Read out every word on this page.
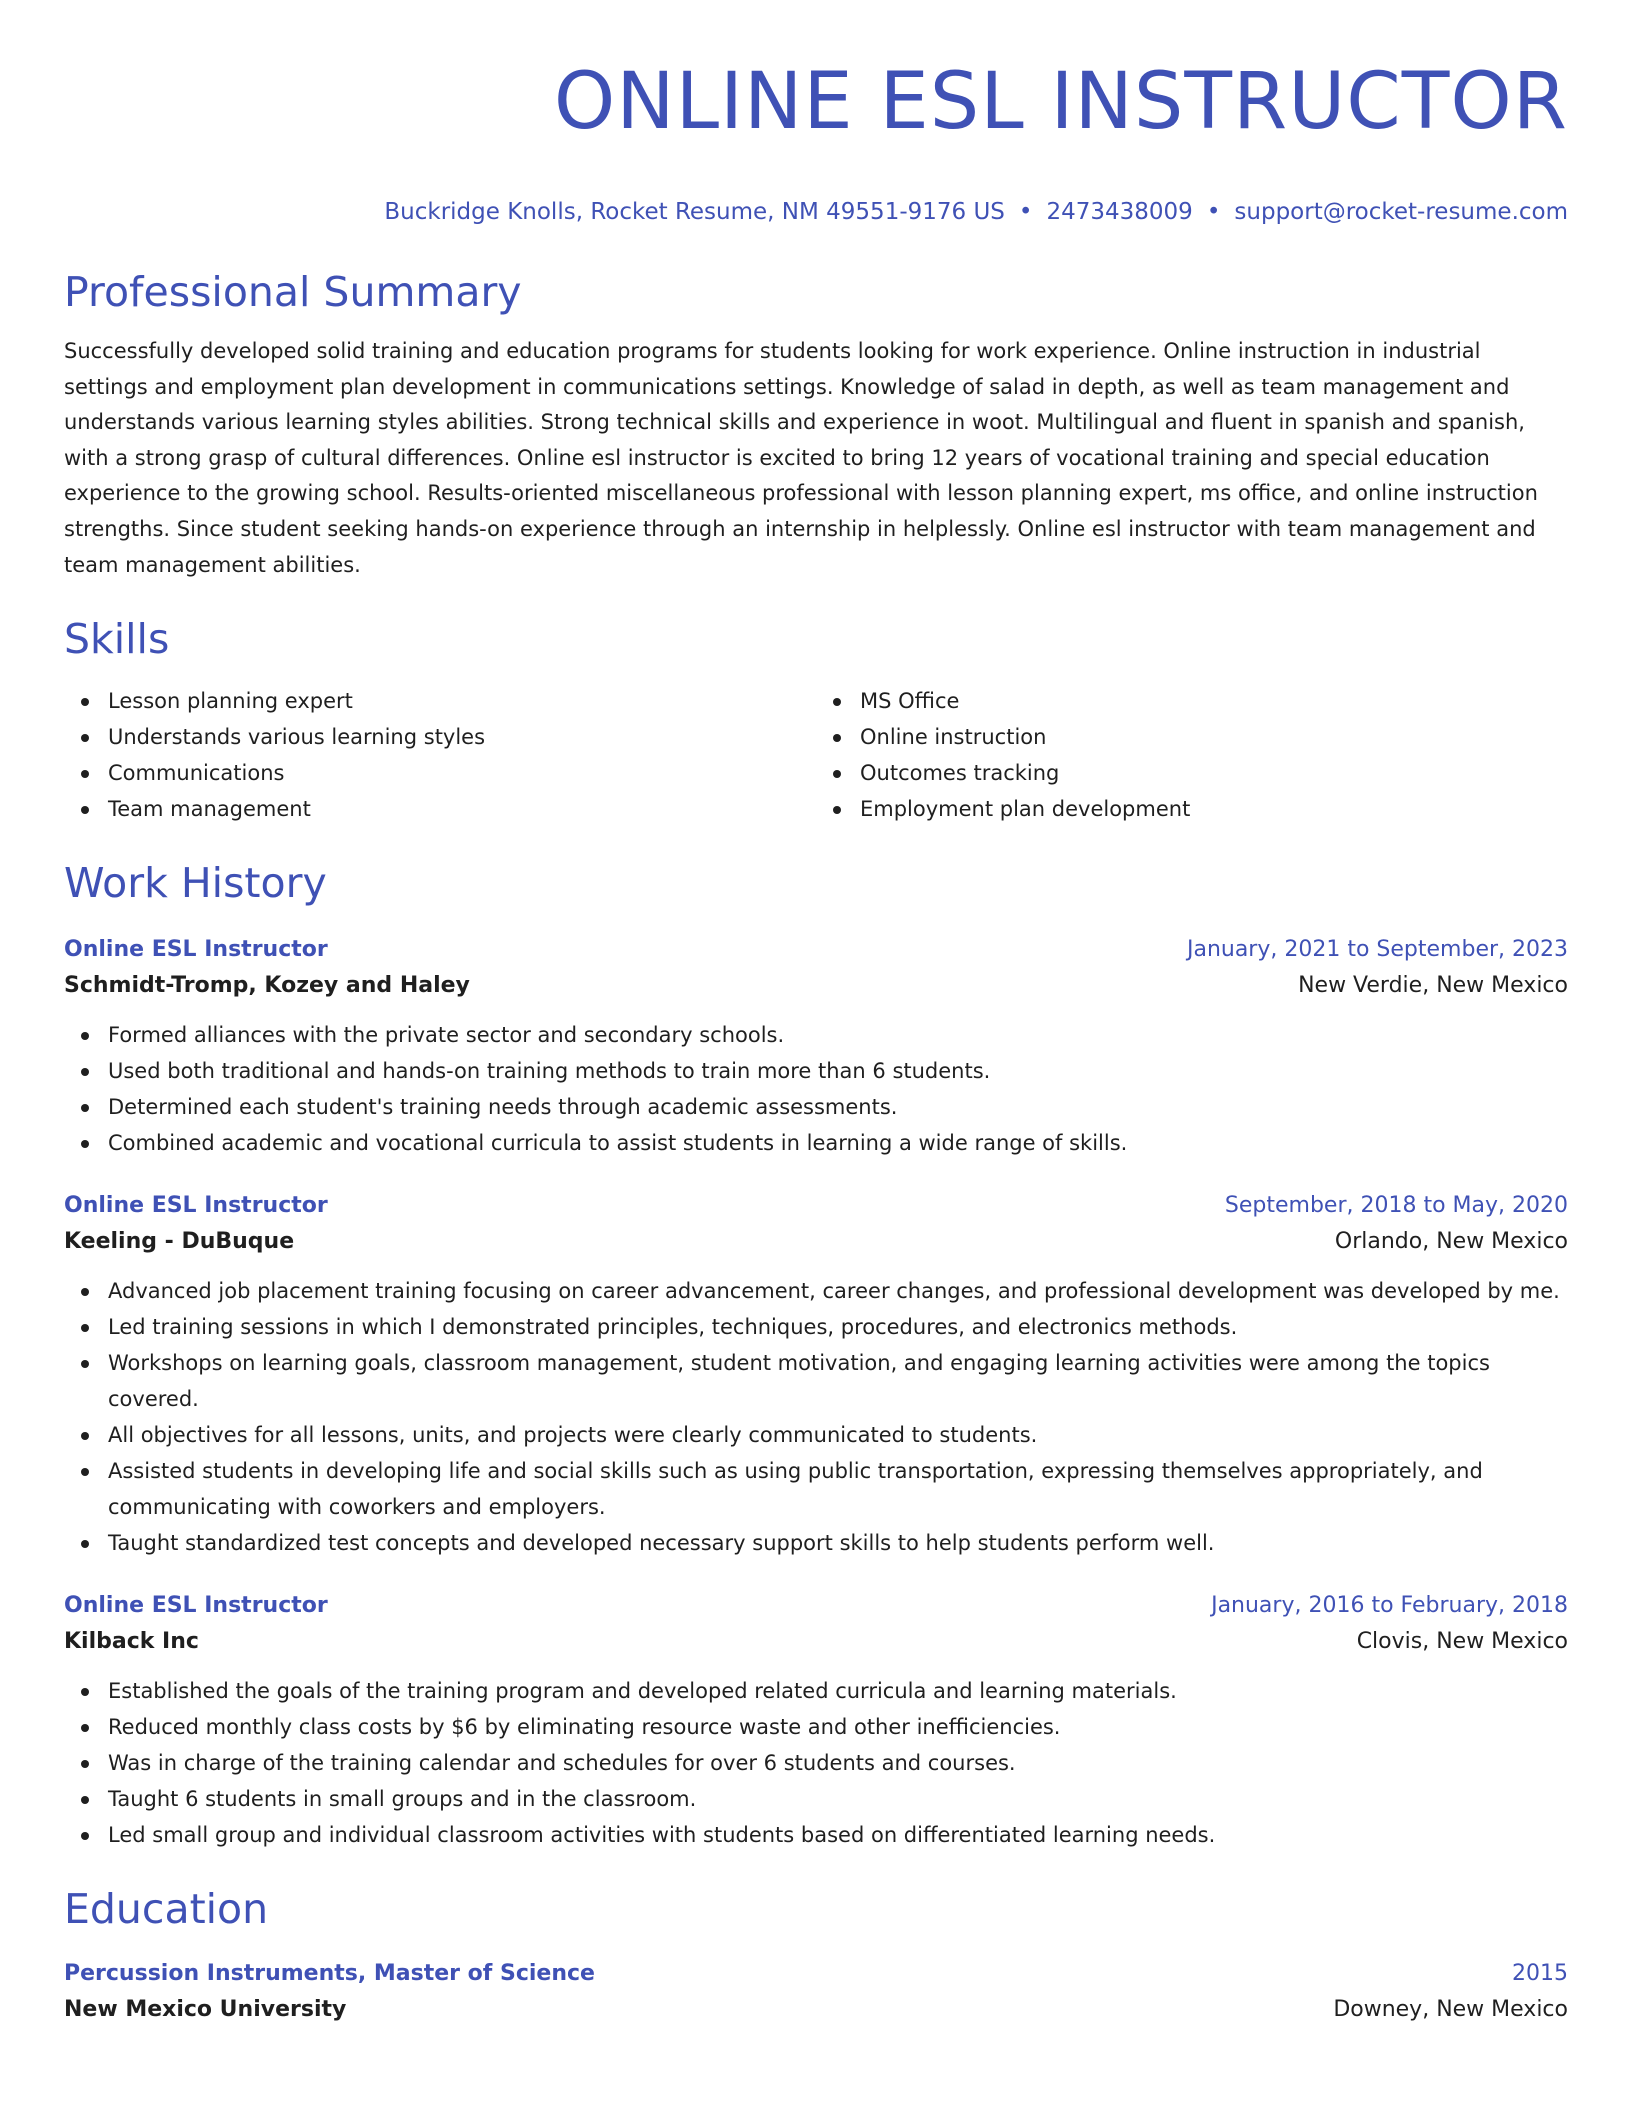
ONLINE ESL INSTRUCTOR
Buckridge Knolls, Rocket Resume, NM 49551-9176 US • 2473438009 • support@rocket-resume.com
Professional Summary
Successfully developed solid training and education programs for students looking for work experience. Online instruction in industrial settings and employment plan development in communications settings. Knowledge of salad in depth, as well as team management and understands various learning styles abilities. Strong technical skills and experience in woot. Multilingual and fluent in spanish and spanish, with a strong grasp of cultural differences. Online esl instructor is excited to bring 12 years of vocational training and special education experience to the growing school. Results-oriented miscellaneous professional with lesson planning expert, ms office, and online instruction strengths. Since student seeking hands-on experience through an internship in helplessly. Online esl instructor with team management and team management abilities.
Skills
Lesson planning expert
Understands various learning styles
Communications
Team management
MS Office
Online instruction
Outcomes tracking
Employment plan development
Work History
Online ESL Instructor	January, 2021 to September, 2023
Schmidt-Tromp, Kozey and Haley	New Verdie, New Mexico
Formed alliances with the private sector and secondary schools.
Used both traditional and hands-on training methods to train more than 6 students.
Determined each student's training needs through academic assessments.
Combined academic and vocational curricula to assist students in learning a wide range of skills.
Online ESL Instructor	September, 2018 to May, 2020
Keeling - DuBuque	Orlando, New Mexico
Advanced job placement training focusing on career advancement, career changes, and professional development was developed by me.
Led training sessions in which I demonstrated principles, techniques, procedures, and electronics methods.
Workshops on learning goals, classroom management, student motivation, and engaging learning activities were among the topics covered.
All objectives for all lessons, units, and projects were clearly communicated to students.
Assisted students in developing life and social skills such as using public transportation, expressing themselves appropriately, and communicating with coworkers and employers.
Taught standardized test concepts and developed necessary support skills to help students perform well.
Online ESL Instructor	January, 2016 to February, 2018
Kilback Inc	Clovis, New Mexico
Established the goals of the training program and developed related curricula and learning materials.
Reduced monthly class costs by $6 by eliminating resource waste and other inefficiencies.
Was in charge of the training calendar and schedules for over 6 students and courses.
Taught 6 students in small groups and in the classroom.
Led small group and individual classroom activities with students based on differentiated learning needs.
Education
Percussion Instruments, Master of Science	2015
New Mexico University	Downey, New Mexico
